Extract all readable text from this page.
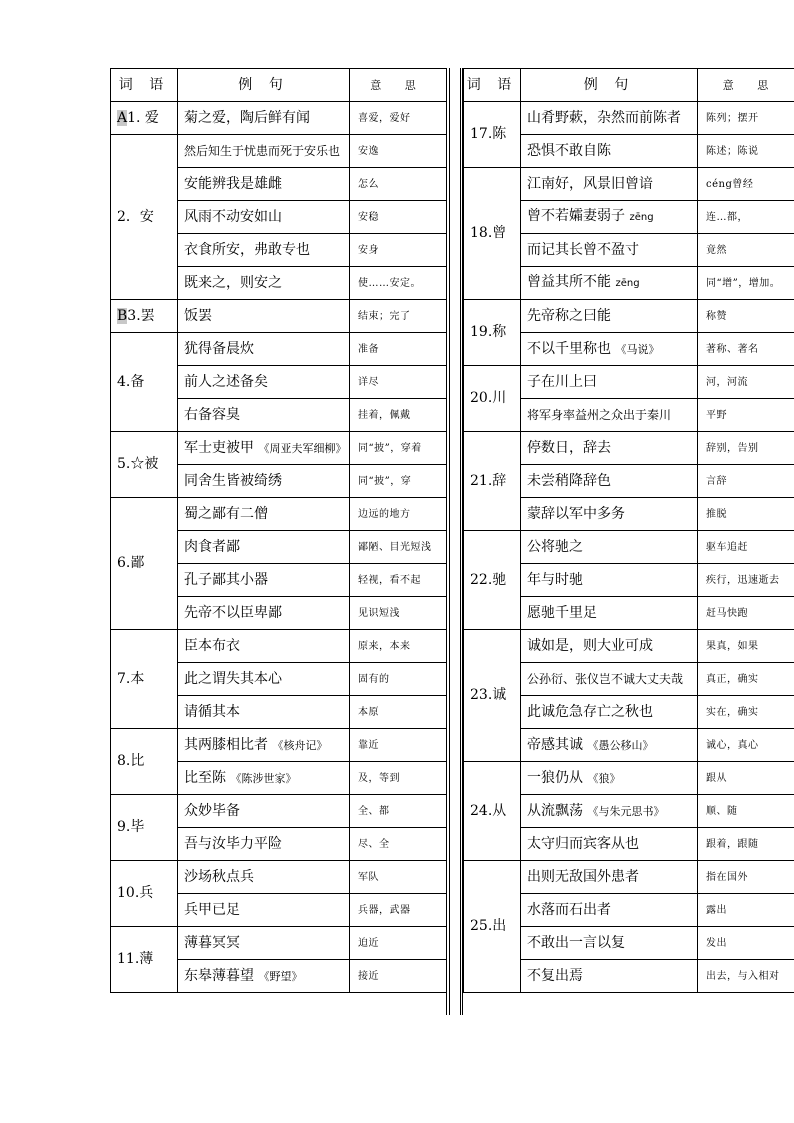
词 语	例 句	意 思
A1. 爱	菊之爱，陶后鲜有闻	喜爱，爱好
2．安	然后知生于忧患而死于安乐也	安逸
	安能辨我是雄雌	怎么
	风雨不动安如山	安稳
	衣食所安，弗敢专也	安身
	既来之，则安之	使……安定。
B3.罢	饭罢	结束；完了
4.备	犹得备晨炊	准备
	前人之述备矣	详尽
	右备容臭	挂着，佩戴
5.☆被	军士吏被甲 《周亚夫军细柳》	同“披”，穿着
	同舍生皆被绮绣	同“披”，穿
6.鄙	蜀之鄙有二僧	边远的地方
	肉食者鄙	鄙陋、目光短浅
	孔子鄙其小器	轻视，看不起
	先帝不以臣卑鄙	见识短浅
7.本	臣本布衣	原来，本来
	此之谓失其本心	固有的
	请循其本	本原
8.比	其两膝相比者 《核舟记》	靠近
	比至陈 《陈涉世家》	及，等到
9.毕	众妙毕备	全、都
	吾与汝毕力平险	尽、全
10.兵	沙场秋点兵	军队
	兵甲已足	兵器，武器
11.薄	薄暮冥冥	迫近
	东皋薄暮望 《野望》	接近
词 语	例 句	意 思
17.陈	山肴野蔌，杂然而前陈者	陈列；摆开
	恐惧不敢自陈	陈述；陈说
18.曾	江南好，风景旧曾谙	céng曾经
	曾不若孀妻弱子 zēng	连…都，
	而记其长曾不盈寸	竟然
	曾益其所不能 zēng	同“增”，增加。
19.称	先帝称之曰能	称赞
	不以千里称也 《马说》	著称、著名
20.川	子在川上曰	河，河流
	将军身率益州之众出于秦川	平野
21.辞	停数日，辞去	辞别，告别
	未尝稍降辞色	言辞
	蒙辞以军中多务	推脱
22.驰	公将驰之	驱车追赶
	年与时驰	疾行，迅速逝去
	愿驰千里足	赶马快跑
23.诚	诚如是，则大业可成	果真，如果
	公孙衍、张仪岂不诚大丈夫哉	真正，确实
	此诚危急存亡之秋也	实在，确实
	帝感其诚 《愚公移山》	诚心，真心
24.从	一狼仍从 《狼》	跟从
	从流飘荡 《与朱元思书》	顺、随
	太守归而宾客从也	跟着，跟随
25.出	出则无敌国外患者	指在国外
	水落而石出者	露出
	不敢出一言以复	发出
	不复出焉	出去，与入相对
